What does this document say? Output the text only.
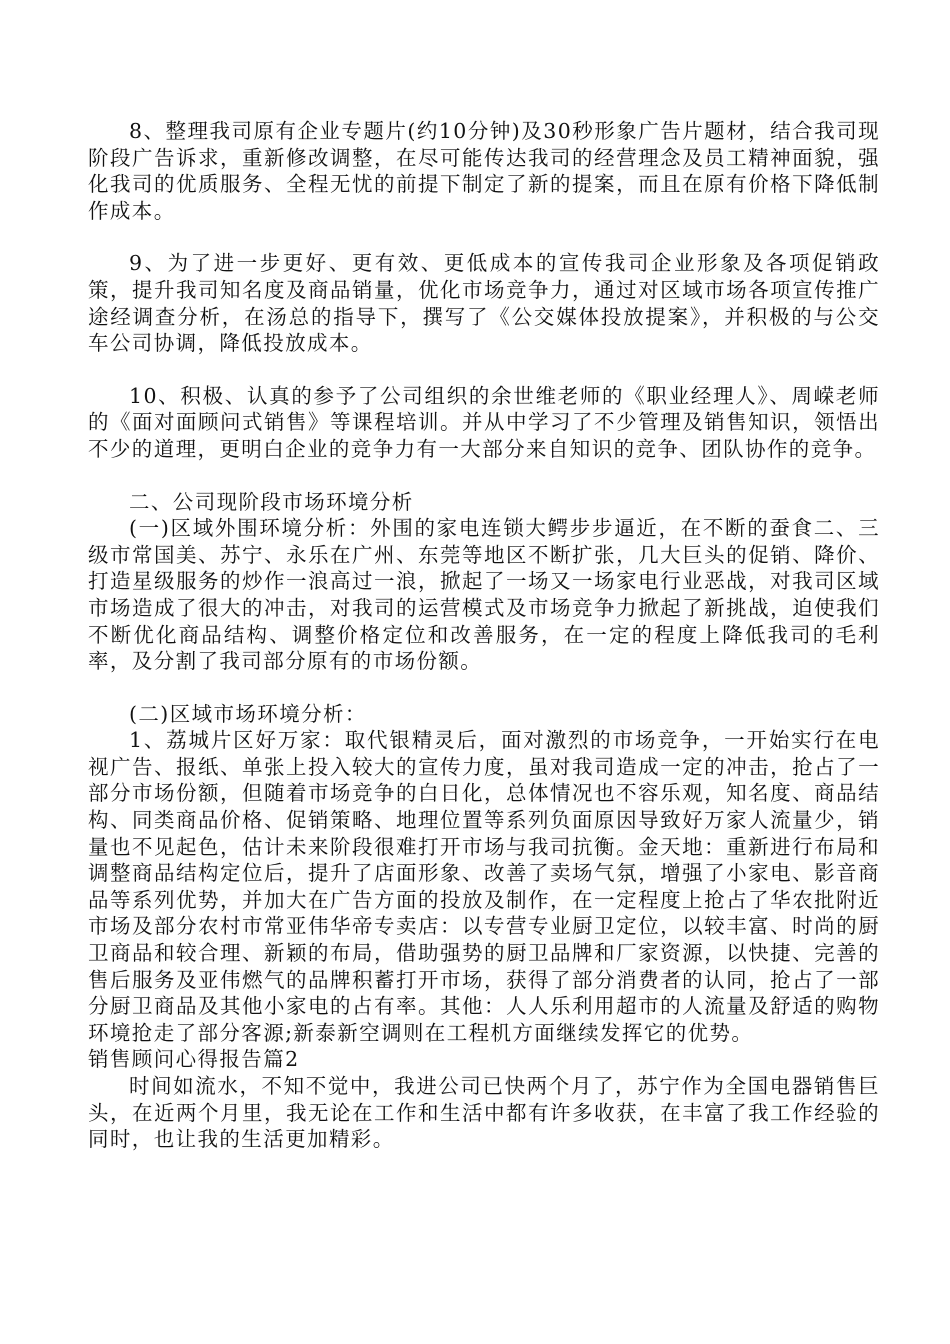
8、整理我司原有企业专题片(约10分钟)及30秒形象广告片题材，结合我司现阶段广告诉求，重新修改调整，在尽可能传达我司的经营理念及员工精神面貌，强化我司的优质服务、全程无忧的前提下制定了新的提案，而且在原有价格下降低制作成本。

9、为了进一步更好、更有效、更低成本的宣传我司企业形象及各项促销政策，提升我司知名度及商品销量，优化市场竞争力，通过对区域市场各项宣传推广途经调查分析，在汤总的指导下，撰写了《公交媒体投放提案》，并积极的与公交车公司协调，降低投放成本。

10、积极、认真的参予了公司组织的余世维老师的《职业经理人》、周嵘老师的《面对面顾问式销售》等课程培训。并从中学习了不少管理及销售知识，领悟出不少的道理，更明白企业的竞争力有一大部分来自知识的竞争、团队协作的竞争。

二、公司现阶段市场环境分析

(一)区域外围环境分析：外围的家电连锁大鳄步步逼近，在不断的蚕食二、三级市常国美、苏宁、永乐在广州、东莞等地区不断扩张，几大巨头的促销、降价、打造星级服务的炒作一浪高过一浪，掀起了一场又一场家电行业恶战，对我司区域市场造成了很大的冲击，对我司的运营模式及市场竞争力掀起了新挑战，迫使我们不断优化商品结构、调整价格定位和改善服务，在一定的程度上降低我司的毛利率，及分割了我司部分原有的市场份额。

(二)区域市场环境分析：

1、荔城片区好万家：取代银精灵后，面对激烈的市场竞争，一开始实行在电视广告、报纸、单张上投入较大的宣传力度，虽对我司造成一定的冲击，抢占了一部分市场份额，但随着市场竞争的白日化，总体情况也不容乐观，知名度、商品结构、同类商品价格、促销策略、地理位置等系列负面原因导致好万家人流量少，销量也不见起色，估计未来阶段很难打开市场与我司抗衡。金天地：重新进行布局和调整商品结构定位后，提升了店面形象、改善了卖场气氛，增强了小家电、影音商品等系列优势，并加大在广告方面的投放及制作，在一定程度上抢占了华农批附近市场及部分农村市常亚伟华帝专卖店：以专营专业厨卫定位，以较丰富、时尚的厨卫商品和较合理、新颖的布局，借助强势的厨卫品牌和厂家资源，以快捷、完善的售后服务及亚伟燃气的品牌积蓄打开市场，获得了部分消费者的认同，抢占了一部分厨卫商品及其他小家电的占有率。其他：人人乐利用超市的人流量及舒适的购物环境抢走了部分客源;新泰新空调则在工程机方面继续发挥它的优势。

销售顾问心得报告篇2

时间如流水，不知不觉中，我进公司已快两个月了，苏宁作为全国电器销售巨头，在近两个月里，我无论在工作和生活中都有许多收获，在丰富了我工作经验的同时，也让我的生活更加精彩。
